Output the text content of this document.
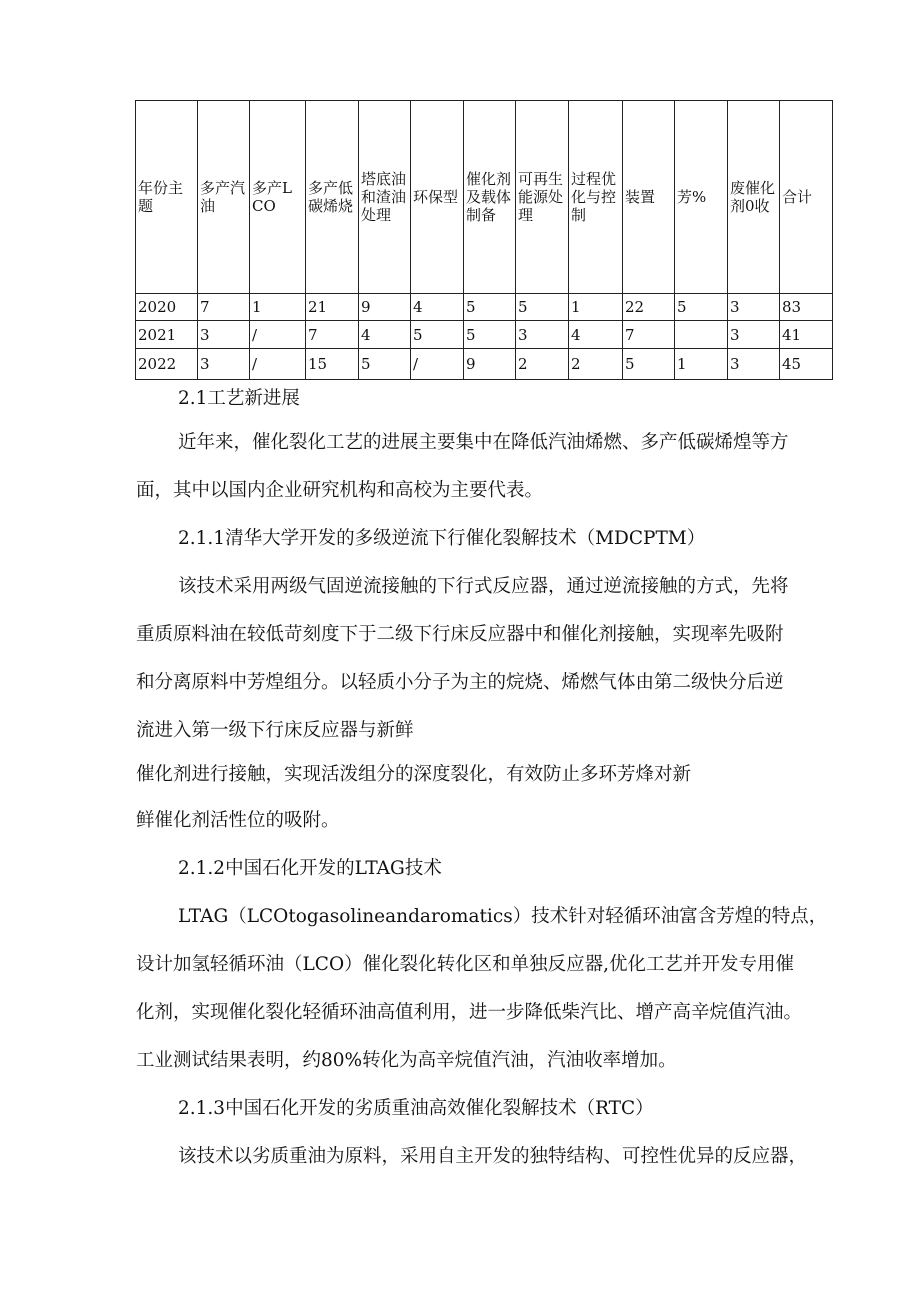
年份主题	多产汽油	多产LCO	多产低碳烯烧	塔底油和渣油处理	环保型	催化剂及载体制备	可再生能源处理	过程优化与控制	装置	芳%	废催化剂0收	合计
2020	7	1	21	9	4	5	5	1	22	5	3	83
2021	3	/	7	4	5	5	3	4	7		3	41
2022	3	/	15	5	/	9	2	2	5	1	3	45
2.1工艺新进展
近年来，催化裂化工艺的进展主要集中在降低汽油烯燃、多产低碳烯煌等方
面，其中以国内企业研究机构和高校为主要代表。
2.1.1清华大学开发的多级逆流下行催化裂解技术（MDCPTM）
该技术采用两级气固逆流接触的下行式反应器，通过逆流接触的方式，先将
重质原料油在较低苛刻度下于二级下行床反应器中和催化剂接触，实现率先吸附
和分离原料中芳煌组分。以轻质小分子为主的烷烧、烯燃气体由第二级快分后逆
流进入第一级下行床反应器与新鲜
催化剂进行接触，实现活泼组分的深度裂化，有效防止多环芳烽对新
鲜催化剂活性位的吸附。
2.1.2中国石化开发的LTAG技术
LTAG（LCOtogasolineandaromatics）技术针对轻循环油富含芳煌的特点，
设计加氢轻循环油（LCO）催化裂化转化区和单独反应器,优化工艺并开发专用催
化剂，实现催化裂化轻循环油高值利用，进一步降低柴汽比、增产高辛烷值汽油。
工业测试结果表明，约80%转化为高辛烷值汽油，汽油收率增加。
2.1.3中国石化开发的劣质重油高效催化裂解技术（RTC）
该技术以劣质重油为原料，采用自主开发的独特结构、可控性优异的反应器，
